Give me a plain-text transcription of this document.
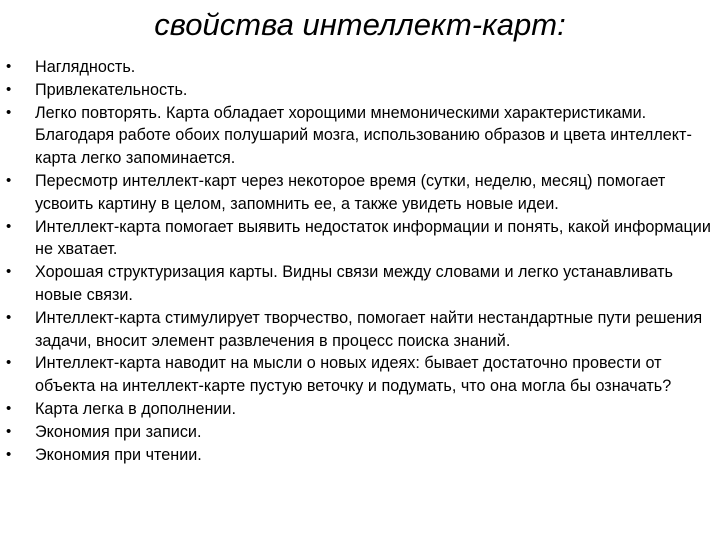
свойства интеллект-карт:
•	Наглядность.
•	Привлекательность.
•	Легко повторять. Карта обладает хорощими мнемоническими характеристиками. Благодаря работе обоих полушарий мозга, использованию образов и цвета интеллект-карта легко запоминается.
•	Пересмотр интеллект-карт через некоторое время (сутки, неделю, месяц) помогает усвоить картину в целом, запомнить ее, а также увидеть новые идеи.
•	Интеллект-карта помогает выявить недостаток информации и понять, какой информации не хватает.
•	Хорошая структуризация карты. Видны связи между словами и легко устанавливать новые связи.
•	Интеллект-карта стимулирует творчество, помогает найти нестандартные пути решения задачи, вносит элемент развлечения в процесс поиска знаний.
•	Интеллект-карта наводит на мысли о новых идеях: бывает достаточно провести от объекта на интеллект-карте пустую веточку и подумать, что она могла бы означать?
•	Карта легка в дополнении.
•	Экономия при записи.
•	Экономия при чтении.
